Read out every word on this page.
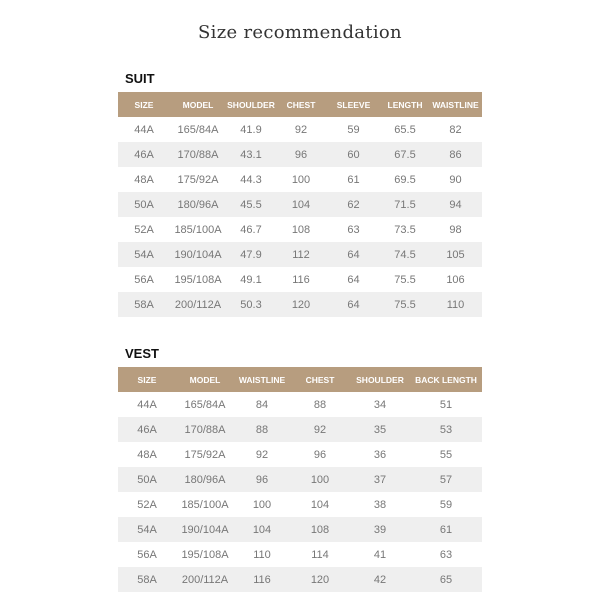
Size recommendation
SUIT
SIZE	MODEL	SHOULDER	CHEST	SLEEVE	LENGTH	WAISTLINE
44A	165/84A	41.9	92	59	65.5	82
46A	170/88A	43.1	96	60	67.5	86
48A	175/92A	44.3	100	61	69.5	90
50A	180/96A	45.5	104	62	71.5	94
52A	185/100A	46.7	108	63	73.5	98
54A	190/104A	47.9	112	64	74.5	105
56A	195/108A	49.1	116	64	75.5	106
58A	200/112A	50.3	120	64	75.5	110
VEST
SIZE	MODEL	WAISTLINE	CHEST	SHOULDER	BACK LENGTH
44A	165/84A	84	88	34	51
46A	170/88A	88	92	35	53
48A	175/92A	92	96	36	55
50A	180/96A	96	100	37	57
52A	185/100A	100	104	38	59
54A	190/104A	104	108	39	61
56A	195/108A	110	114	41	63
58A	200/112A	116	120	42	65
